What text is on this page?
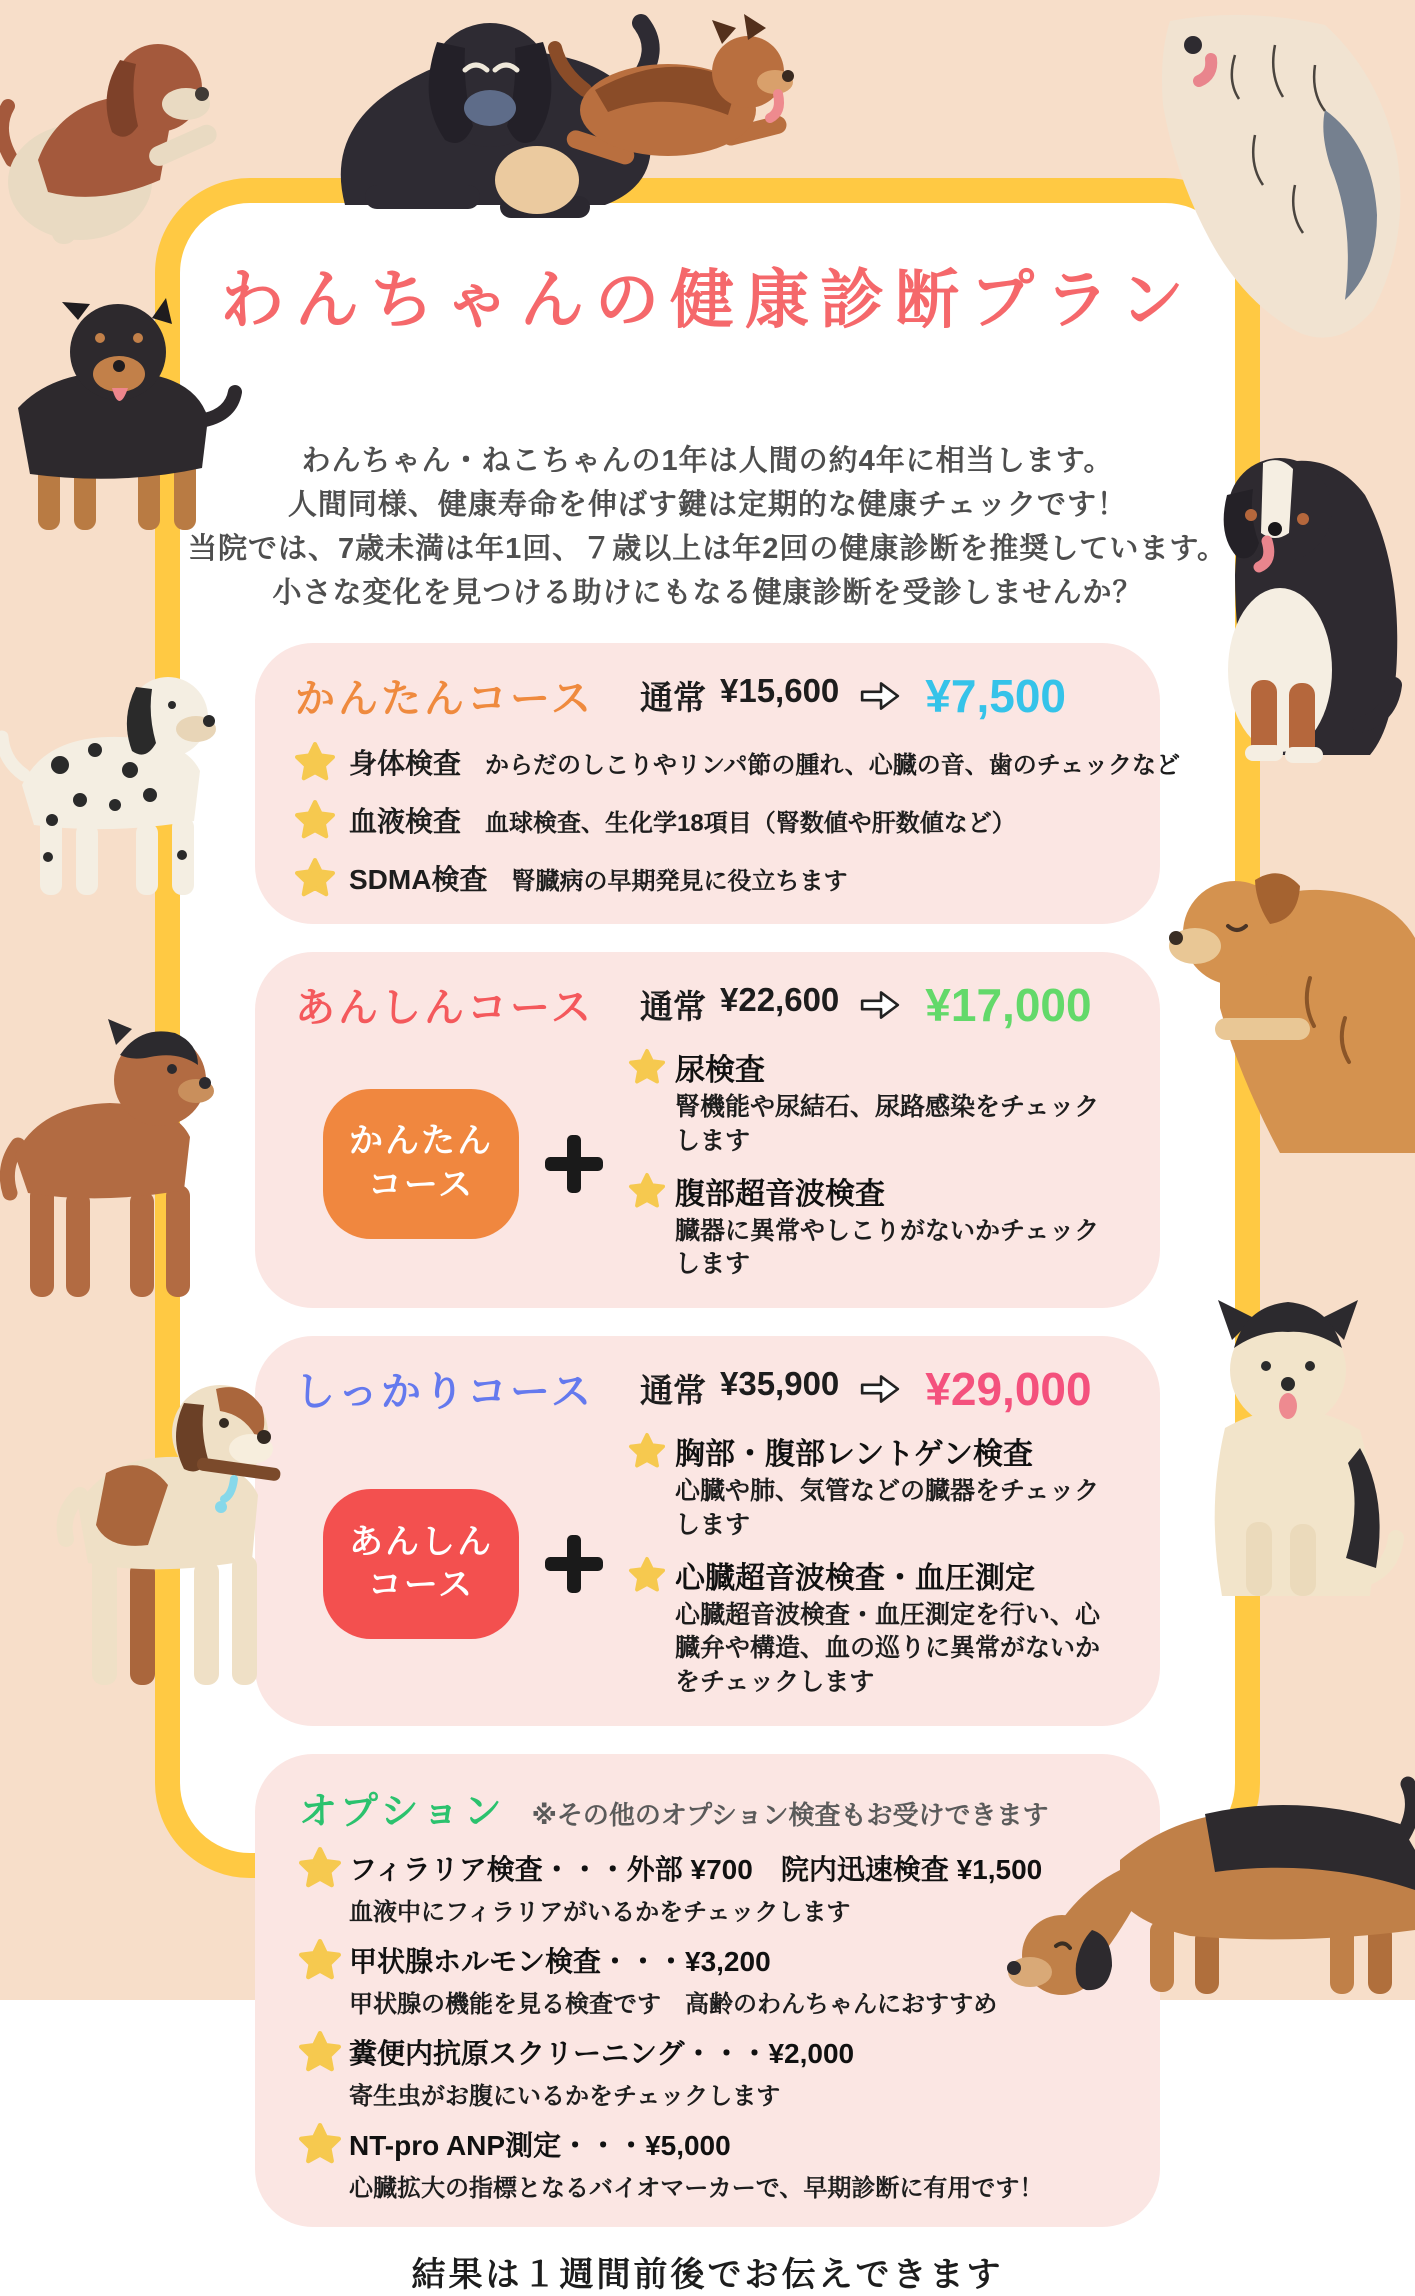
わんちゃんの健康診断プラン
わんちゃん・ねこちゃんの1年は人間の約4年に相当します。
人間同様、健康寿命を伸ばす鍵は定期的な健康チェックです！
当院では、7歳未満は年1回、７歳以上は年2回の健康診断を推奨しています。
小さな変化を見つける助けにもなる健康診断を受診しませんか？
かんたんコース	通常 ¥15,600 ¥7,500
身体検査 からだのしこりやリンパ節の腫れ、心臓の音、歯のチェックなど
血液検査 血球検査、生化学18項目（腎数値や肝数値など）
SDMA検査 腎臓病の早期発見に役立ちます
あんしんコース	通常 ¥22,600 ¥17,000
かんたん
コース
尿検査
腎機能や尿結石、尿路感染をチェックします
腹部超音波検査
臓器に異常やしこりがないかチェックします
しっかりコース	通常 ¥35,900 ¥29,000
あんしん
コース
胸部・腹部レントゲン検査
心臓や肺、気管などの臓器をチェックします
心臓超音波検査・血圧測定
心臓超音波検査・血圧測定を行い、心臓弁や構造、血の巡りに異常がないかをチェックします
オプション ※その他のオプション検査もお受けできます
フィラリア検査・・・外部 ¥700　院内迅速検査 ¥1,500
血液中にフィラリアがいるかをチェックします
甲状腺ホルモン検査・・・¥3,200
甲状腺の機能を見る検査です　高齢のわんちゃんにおすすめ
糞便内抗原スクリーニング・・・¥2,000
寄生虫がお腹にいるかをチェックします
NT-pro ANP測定・・・¥5,000
心臓拡大の指標となるバイオマーカーで、早期診断に有用です！
結果は１週間前後でお伝えできます
